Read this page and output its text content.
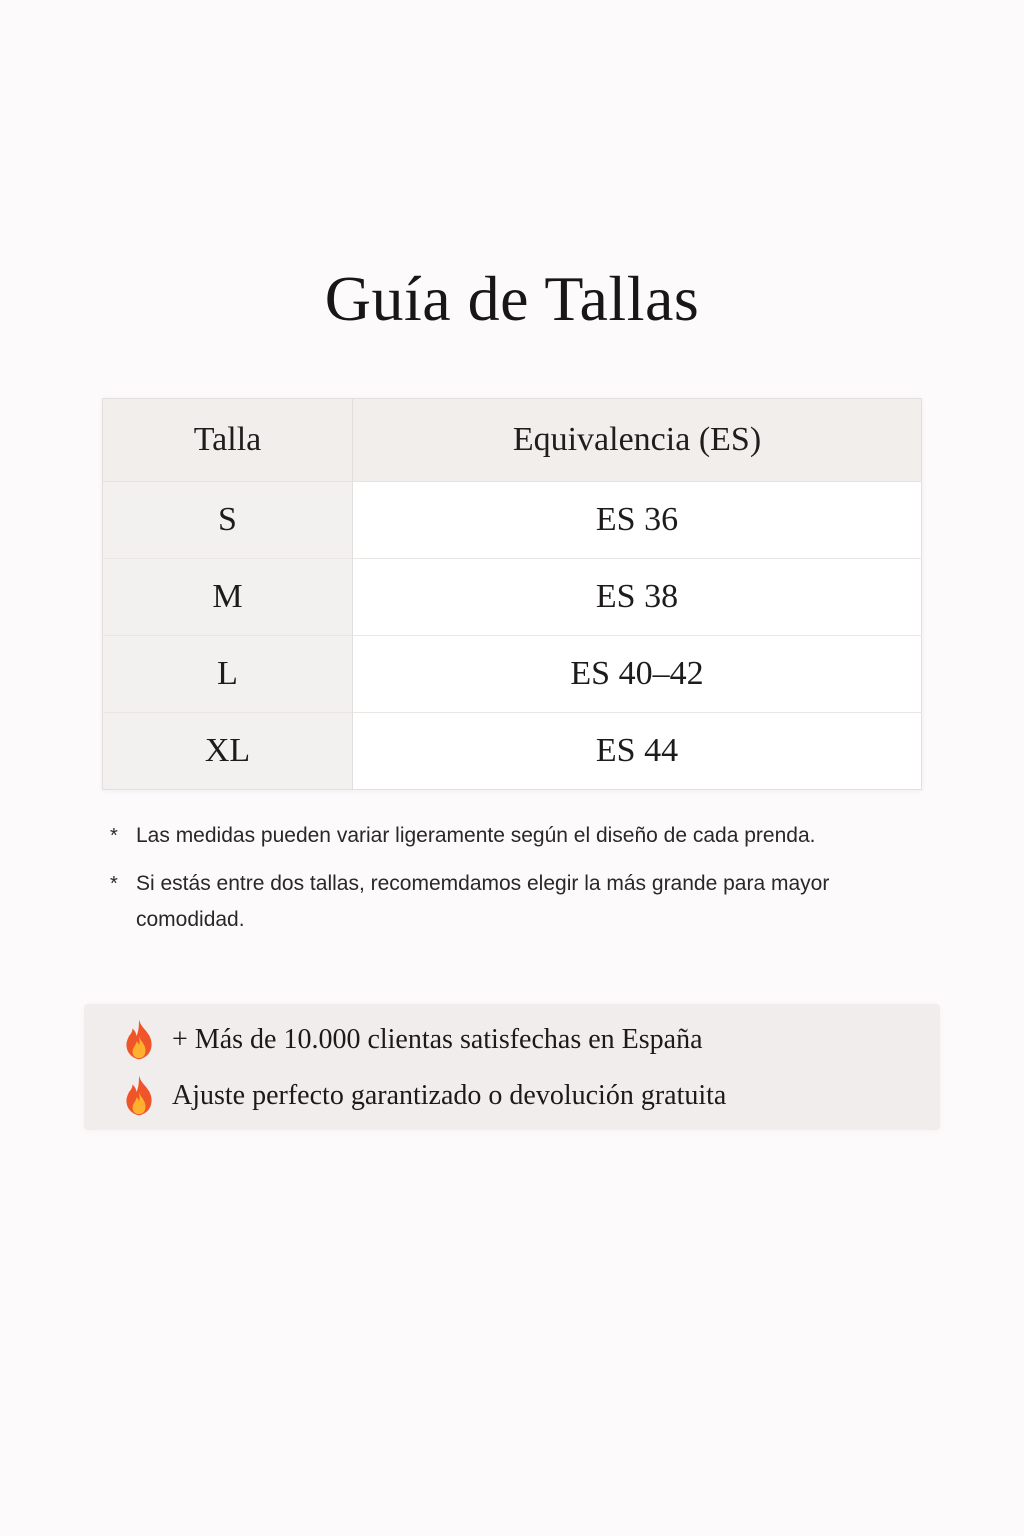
Guía de Tallas
Talla	Equivalencia (ES)
S	ES 36
M	ES 38
L	ES 40–42
XL	ES 44
* Las medidas pueden variar ligeramente según el diseño de cada prenda.
* Si estás entre dos tallas, recomemdamos elegir la más grande para mayor comodidad.
+ Más de 10.000 clientas satisfechas en España
Ajuste perfecto garantizado o devolución gratuita
